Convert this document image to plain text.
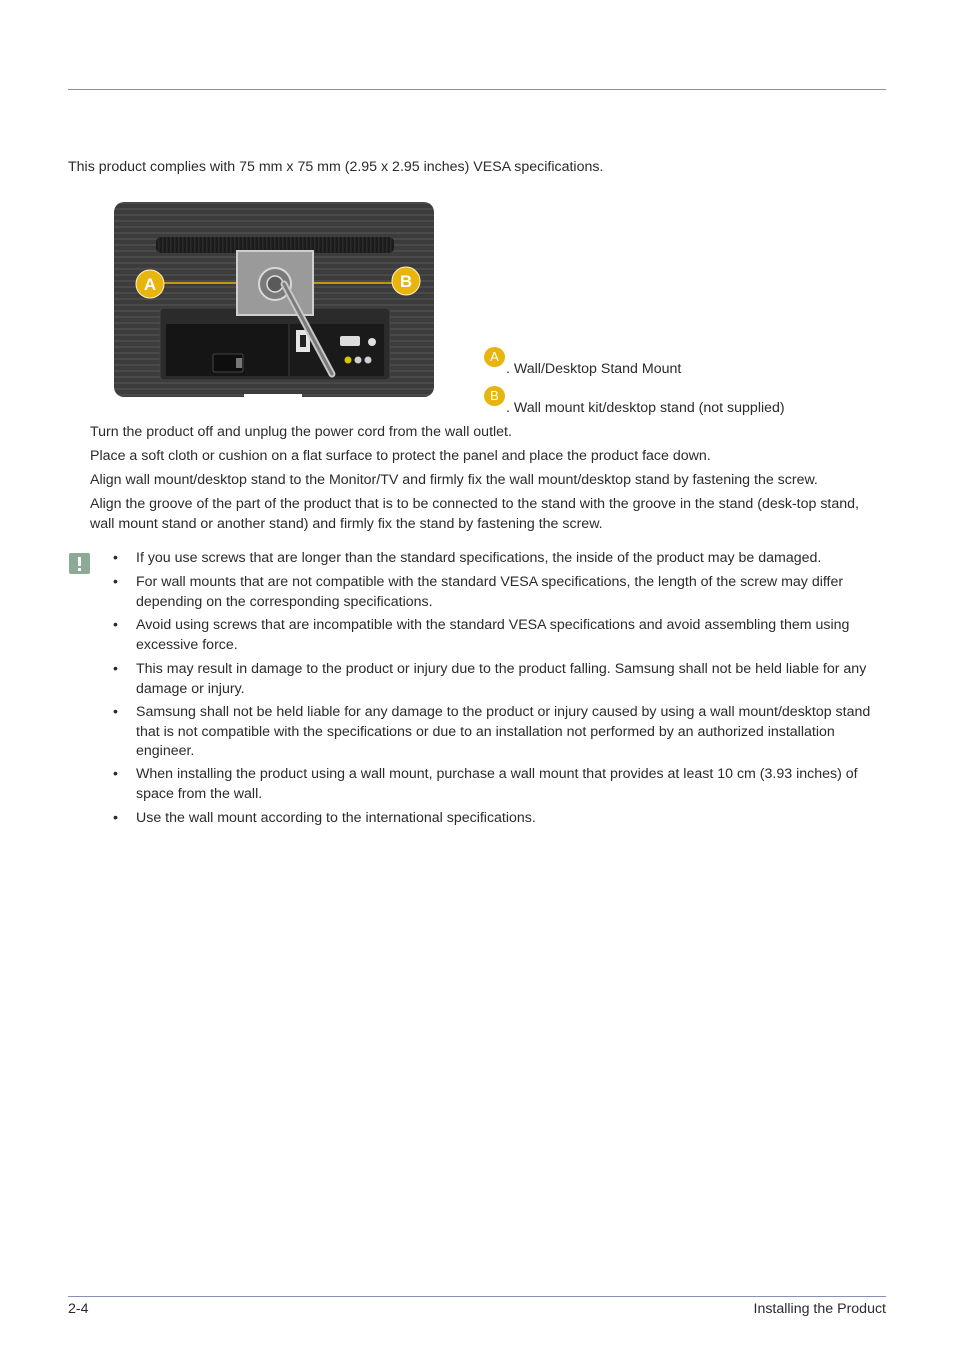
This product complies with 75 mm x 75 mm (2.95 x 2.95 inches) VESA specifications.
A	B
A
. Wall/Desktop Stand Mount
B
. Wall mount kit/desktop stand (not supplied)
Turn the product off and unplug the power cord from the wall outlet.
Place a soft cloth or cushion on a flat surface to protect the panel and place the product face down.
Align wall mount/desktop stand to the Monitor/TV and firmly fix the wall mount/desktop stand by fastening the screw.
Align the groove of the part of the product that is to be connected to the stand with the groove in the stand (desk-top stand, wall mount stand or another stand) and firmly fix the stand by fastening the screw.
• If you use screws that are longer than the standard specifications, the inside of the product may be damaged.
• For wall mounts that are not compatible with the standard VESA specifications, the length of the screw may differ depending on the corresponding specifications.
• Avoid using screws that are incompatible with the standard VESA specifications and avoid assembling them using excessive force.
• This may result in damage to the product or injury due to the product falling. Samsung shall not be held liable for any damage or injury.
• Samsung shall not be held liable for any damage to the product or injury caused by using a wall mount/desktop stand that is not compatible with the specifications or due to an installation not performed by an authorized installation engineer.
• When installing the product using a wall mount, purchase a wall mount that provides at least 10 cm (3.93 inches) of space from the wall.
• Use the wall mount according to the international specifications.
2-4	Installing the Product
